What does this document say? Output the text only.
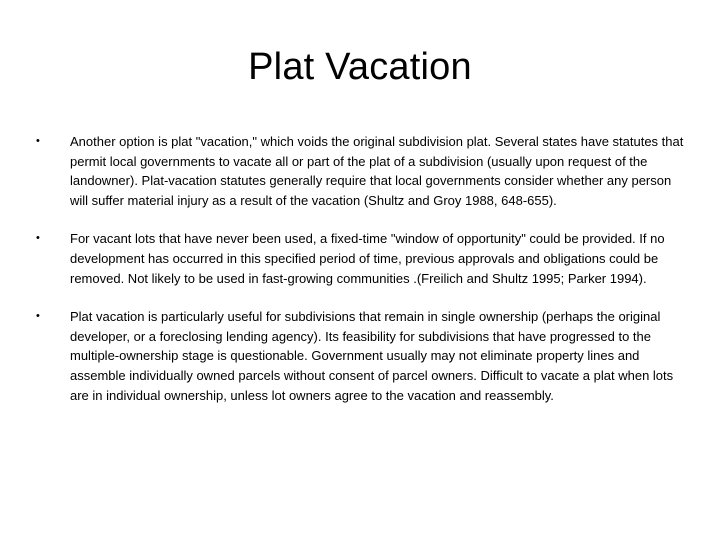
Plat Vacation
•	Another option is plat "vacation," which voids the original subdivision plat. Several states have statutes that permit local governments to vacate all or part of the plat of a subdivision (usually upon request of the landowner). Plat-vacation statutes generally require that local governments consider whether any person will suffer material injury as a result of the vacation (Shultz and Groy 1988, 648-655).
•	For vacant lots that have never been used, a fixed-time "window of opportunity" could be provided. If no development has occurred in this specified period of time, previous approvals and obligations could be removed. Not likely to be used in fast-growing communities .(Freilich and Shultz 1995; Parker 1994).
•	Plat vacation is particularly useful for subdivisions that remain in single ownership (perhaps the original developer, or a foreclosing lending agency). Its feasibility for subdivisions that have progressed to the multiple-ownership stage is questionable. Government usually may not eliminate property lines and assemble individually owned parcels without consent of parcel owners. Difficult to vacate a plat when lots are in individual ownership, unless lot owners agree to the vacation and reassembly.
